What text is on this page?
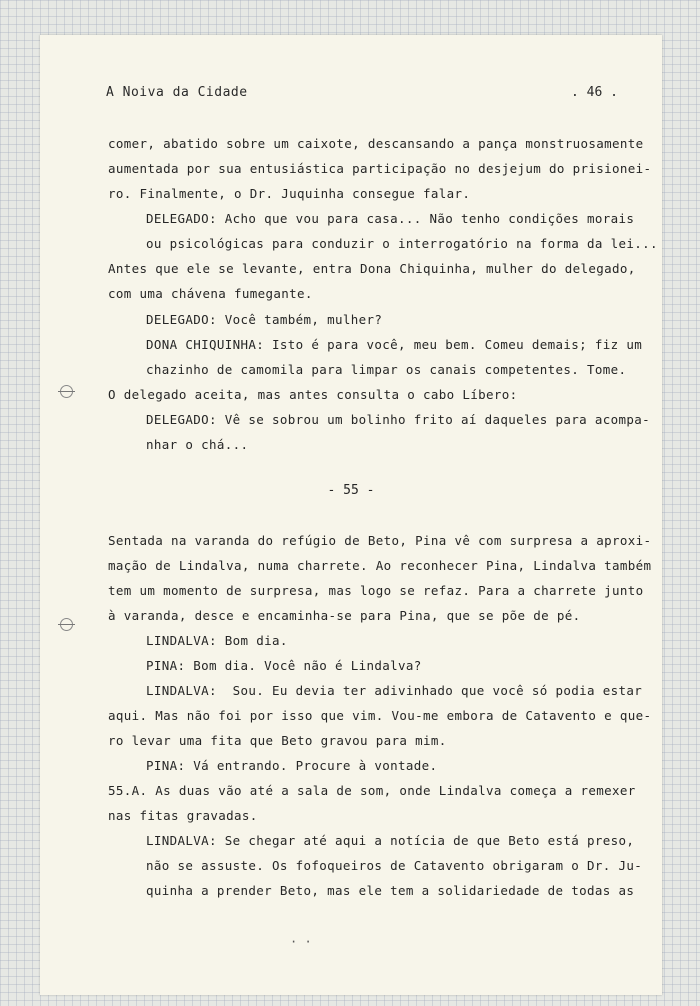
A Noiva da Cidade	. 46 .
comer, abatido sobre um caixote, descansando a pança monstruosamente
aumentada por sua entusiástica participação no desjejum do prisionei-
ro. Finalmente, o Dr. Juquinha consegue falar.
DELEGADO: Acho que vou para casa... Não tenho condições morais
ou psicológicas para conduzir o interrogatório na forma da lei...
Antes que ele se levante, entra Dona Chiquinha, mulher do delegado,
com uma chávena fumegante.
DELEGADO: Você também, mulher?
DONA CHIQUINHA: Isto é para você, meu bem. Comeu demais; fiz um
chazinho de camomila para limpar os canais competentes. Tome.
O delegado aceita, mas antes consulta o cabo Líbero:
DELEGADO: Vê se sobrou um bolinho frito aí daqueles para acompa-
nhar o chá...
- 55 -
Sentada na varanda do refúgio de Beto, Pina vê com surpresa a aproxi-
mação de Lindalva, numa charrete. Ao reconhecer Pina, Lindalva também
tem um momento de surpresa, mas logo se refaz. Para a charrete junto
à varanda, desce e encaminha-se para Pina, que se põe de pé.
LINDALVA: Bom dia.
PINA: Bom dia. Você não é Lindalva?
LINDALVA:  Sou. Eu devia ter adivinhado que você só podia estar
aqui. Mas não foi por isso que vim. Vou-me embora de Catavento e que-
ro levar uma fita que Beto gravou para mim.
PINA: Vá entrando. Procure à vontade.
55.A. As duas vão até a sala de som, onde Lindalva começa a remexer
nas fitas gravadas.
LINDALVA: Se chegar até aqui a notícia de que Beto está preso,
não se assuste. Os fofoqueiros de Catavento obrigaram o Dr. Ju-
quinha a prender Beto, mas ele tem a solidariedade de todas as
· ·
